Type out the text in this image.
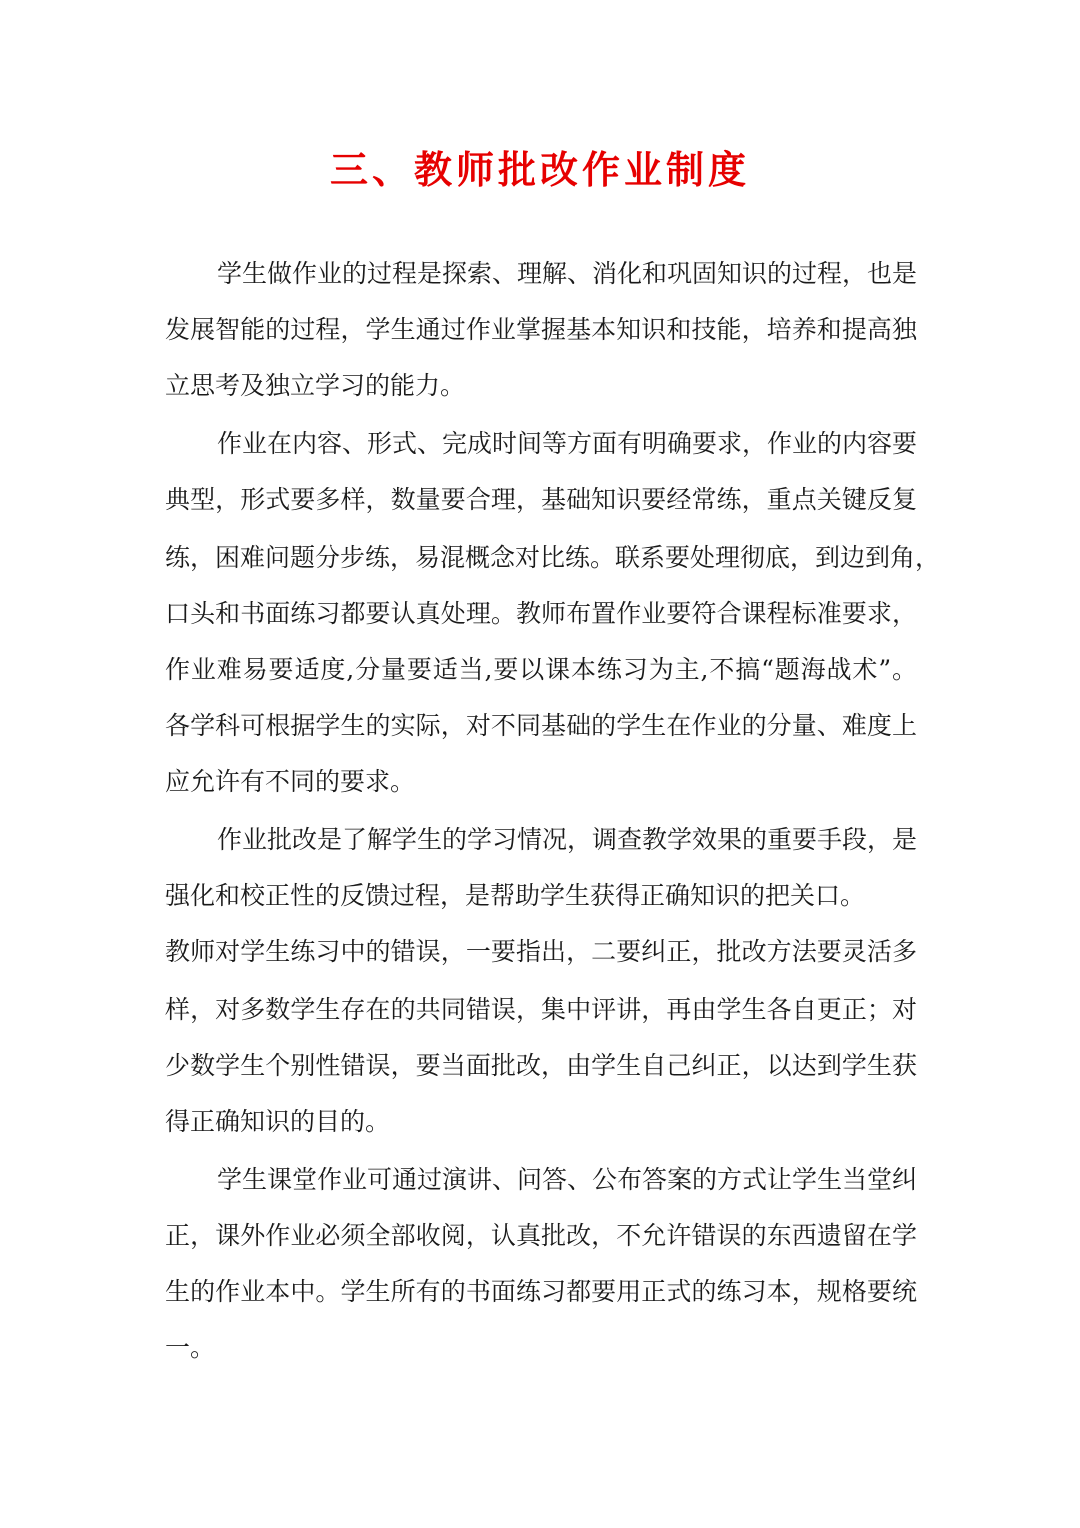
三、教师批改作业制度
学生做作业的过程是探索、理解、消化和巩固知识的过程，也是
发展智能的过程，学生通过作业掌握基本知识和技能，培养和提高独
立思考及独立学习的能力。
作业在内容、形式、完成时间等方面有明确要求，作业的内容要
典型，形式要多样，数量要合理，基础知识要经常练，重点关键反复
练，困难问题分步练，易混概念对比练。联系要处理彻底，到边到角，
口头和书面练习都要认真处理。教师布置作业要符合课程标准要求，
作业难易要适度,分量要适当,要以课本练习为主,不搞“题海战术”。
各学科可根据学生的实际，对不同基础的学生在作业的分量、难度上
应允许有不同的要求。
作业批改是了解学生的学习情况，调查教学效果的重要手段，是
强化和校正性的反馈过程，是帮助学生获得正确知识的把关口。
教师对学生练习中的错误，一要指出，二要纠正，批改方法要灵活多
样，对多数学生存在的共同错误，集中评讲，再由学生各自更正；对
少数学生个别性错误，要当面批改，由学生自己纠正，以达到学生获
得正确知识的目的。
学生课堂作业可通过演讲、问答、公布答案的方式让学生当堂纠
正，课外作业必须全部收阅，认真批改，不允许错误的东西遗留在学
生的作业本中。学生所有的书面练习都要用正式的练习本，规格要统
一。
